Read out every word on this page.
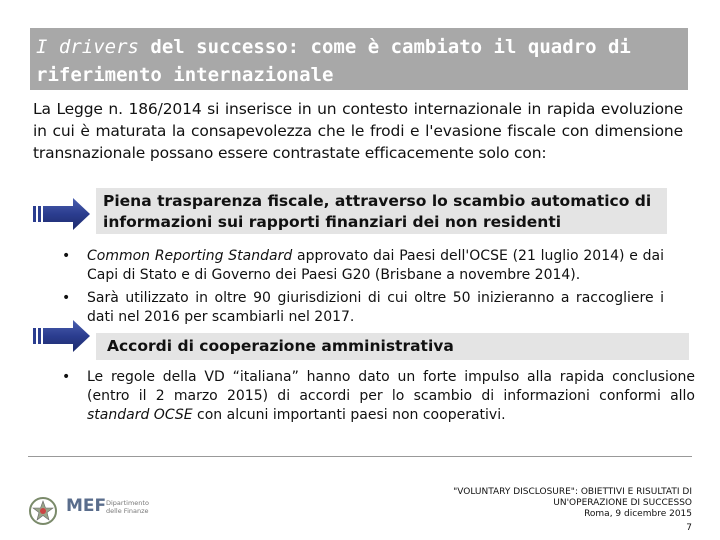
I drivers del successo: come è cambiato il quadro di riferimento internazionale

La Legge n. 186/2014 si inserisce in un contesto internazionale in rapida evoluzione in cui è maturata la consapevolezza che le frodi e l'evasione fiscale con dimensione transnazionale possano essere contrastate efficacemente solo con:

Piena trasparenza fiscale, attraverso lo scambio automatico di informazioni sui rapporti finanziari dei non residenti
• Common Reporting Standard approvato dai Paesi dell'OCSE (21 luglio 2014) e dai Capi di Stato e di Governo dei Paesi G20 (Brisbane a novembre 2014).
• Sarà utilizzato in oltre 90 giurisdizioni di cui oltre 50 inizieranno a raccogliere i dati nel 2016 per scambiarli nel 2017.
Accordi di cooperazione amministrativa
• Le regole della VD “italiana” hanno dato un forte impulso alla rapida conclusione (entro il 2 marzo 2015) di accordi per lo scambio di informazioni conformi allo standard OCSE con alcuni importanti paesi non cooperativi.
MEF Dipartimento
delle Finanze
"VOLUNTARY DISCLOSURE": OBIETTIVI E RISULTATI DI
UN'OPERAZIONE DI SUCCESSO
Roma, 9 dicembre 2015
7
